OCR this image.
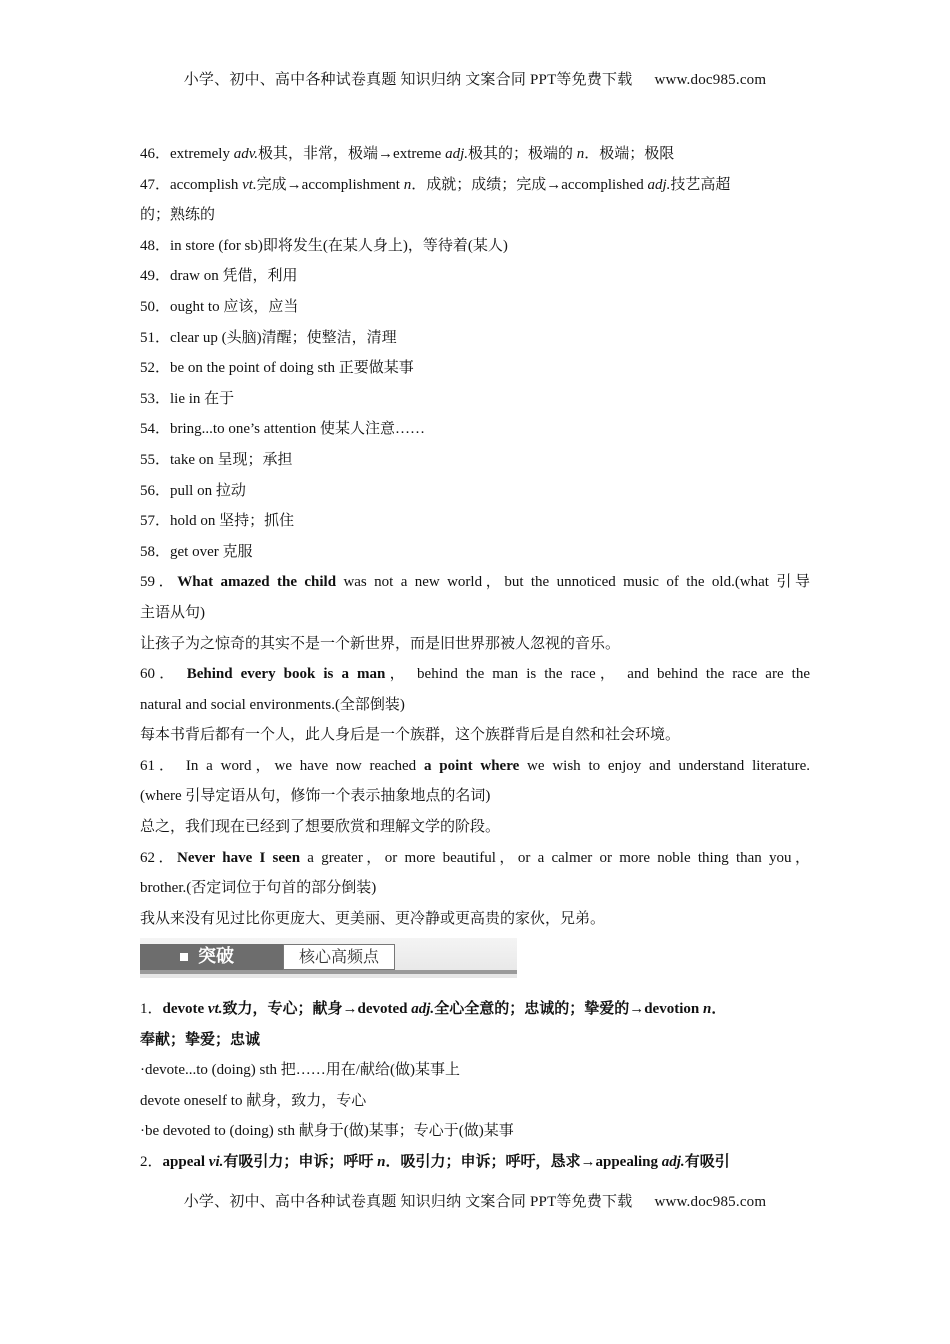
小学、初中、高中各种试卷真题 知识归纳 文案合同 PPT等免费下载 www.doc985.com
46．extremely adv.极其，非常，极端→extreme adj.极其的；极端的 n．极端；极限
47．accomplish vt.完成→accomplishment n．成就；成绩；完成→accomplished adj.技艺高超
的；熟练的
48．in store (for sb)即将发生(在某人身上)，等待着(某人)
49．draw on 凭借，利用
50．ought to 应该，应当
51．clear up (头脑)清醒；使整洁，清理
52．be on the point of doing sth 正要做某事
53．lie in 在于
54．bring...to one’s attention 使某人注意……
55．take on 呈现；承担
56．pull on 拉动
57．hold on 坚持；抓住
58．get over 克服
59．What amazed the child was not a new world，but the unnoticed music of the old.(what 引导
主语从句)
让孩子为之惊奇的其实不是一个新世界，而是旧世界那被人忽视的音乐。
60． Behind every book is a man， behind the man is the race， and behind the race are the
natural and social environments.(全部倒装)
每本书背后都有一个人，此人身后是一个族群，这个族群背后是自然和社会环境。
61． In a word，we have now reached a point where we wish to enjoy and understand literature.
(where 引导定语从句，修饰一个表示抽象地点的名词)
总之，我们现在已经到了想要欣赏和理解文学的阶段。
62．Never have I seen a greater，or more beautiful，or a calmer or more noble thing than you，
brother.(否定词位于句首的部分倒装)
我从来没有见过比你更庞大、更美丽、更冷静或更高贵的家伙，兄弟。
突破	核心高频点
1．devote vt.致力，专心；献身→devoted adj.全心全意的；忠诚的；挚爱的→devotion n．
奉献；挚爱；忠诚
·devote...to (doing) sth 把……用在/献给(做)某事上
devote oneself to 献身，致力，专心
·be devoted to (doing) sth 献身于(做)某事；专心于(做)某事
2．appeal vi.有吸引力；申诉；呼吁 n．吸引力；申诉；呼吁，恳求→appealing adj.有吸引
小学、初中、高中各种试卷真题 知识归纳 文案合同 PPT等免费下载 www.doc985.com
